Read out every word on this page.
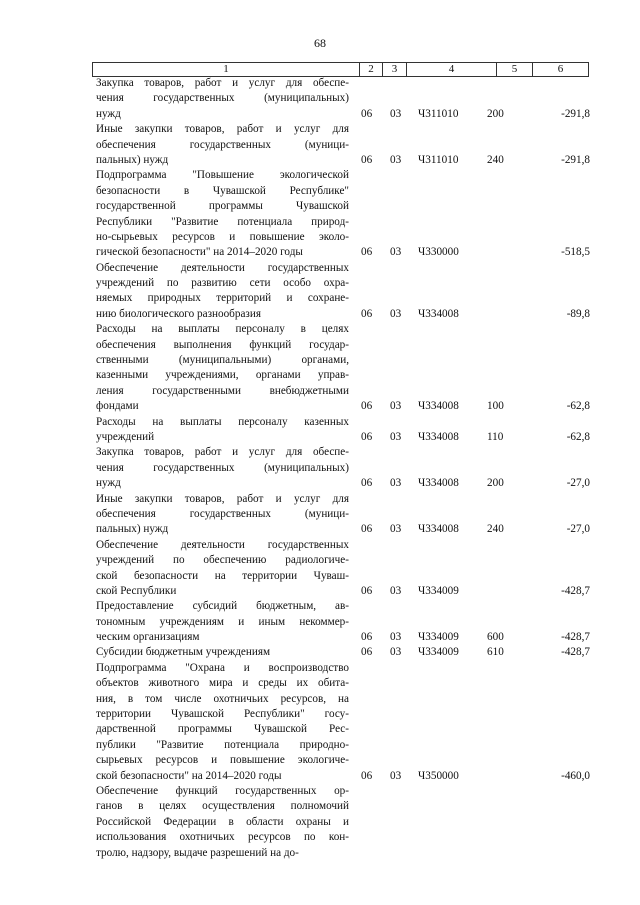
68
1	2	3	4	5	6
Закупка товаров, работ и услуг для обеспе-
чения государственных (муниципальных)
нужд	06 03 Ч311010	200	-291,8
Иные закупки товаров, работ и услуг для
обеспечения государственных (муници-
пальных) нужд	06 03 Ч311010	240	-291,8
Подпрограмма "Повышение экологической
безопасности в Чувашской Республике"
государственной программы Чувашской
Республики "Развитие потенциала природ-
но-сырьевых ресурсов и повышение эколо-
гической безопасности" на 2014–2020 годы	06 03 Ч330000	-518,5
Обеспечение деятельности государственных
учреждений по развитию сети особо охра-
няемых природных территорий и сохране-
нию биологического разнообразия	06 03 Ч334008	-89,8
Расходы на выплаты персоналу в целях
обеспечения выполнения функций государ-
ственными (муниципальными) органами,
казенными учреждениями, органами управ-
ления государственными внебюджетными
фондами	06 03 Ч334008	100	-62,8
Расходы на выплаты персоналу казенных
учреждений	06 03 Ч334008	110	-62,8
Закупка товаров, работ и услуг для обеспе-
чения государственных (муниципальных)
нужд	06 03 Ч334008	200	-27,0
Иные закупки товаров, работ и услуг для
обеспечения государственных (муници-
пальных) нужд	06 03 Ч334008	240	-27,0
Обеспечение деятельности государственных
учреждений по обеспечению радиологиче-
ской безопасности на территории Чуваш-
ской Республики	06 03 Ч334009	-428,7
Предоставление субсидий бюджетным, ав-
тономным учреждениям и иным некоммер-
ческим организациям	06 03 Ч334009	600	-428,7
Субсидии бюджетным учреждениям	06 03 Ч334009	610	-428,7
Подпрограмма "Охрана и воспроизводство
объектов животного мира и среды их обита-
ния, в том числе охотничьих ресурсов, на
территории Чувашской Республики" госу-
дарственной программы Чувашской Рес-
публики "Развитие потенциала природно-
сырьевых ресурсов и повышение экологиче-
ской безопасности" на 2014–2020 годы	06 03 Ч350000	-460,0
Обеспечение функций государственных ор-
ганов в целях осуществления полномочий
Российской Федерации в области охраны и
использования охотничьих ресурсов по кон-
тролю, надзору, выдаче разрешений на до-
